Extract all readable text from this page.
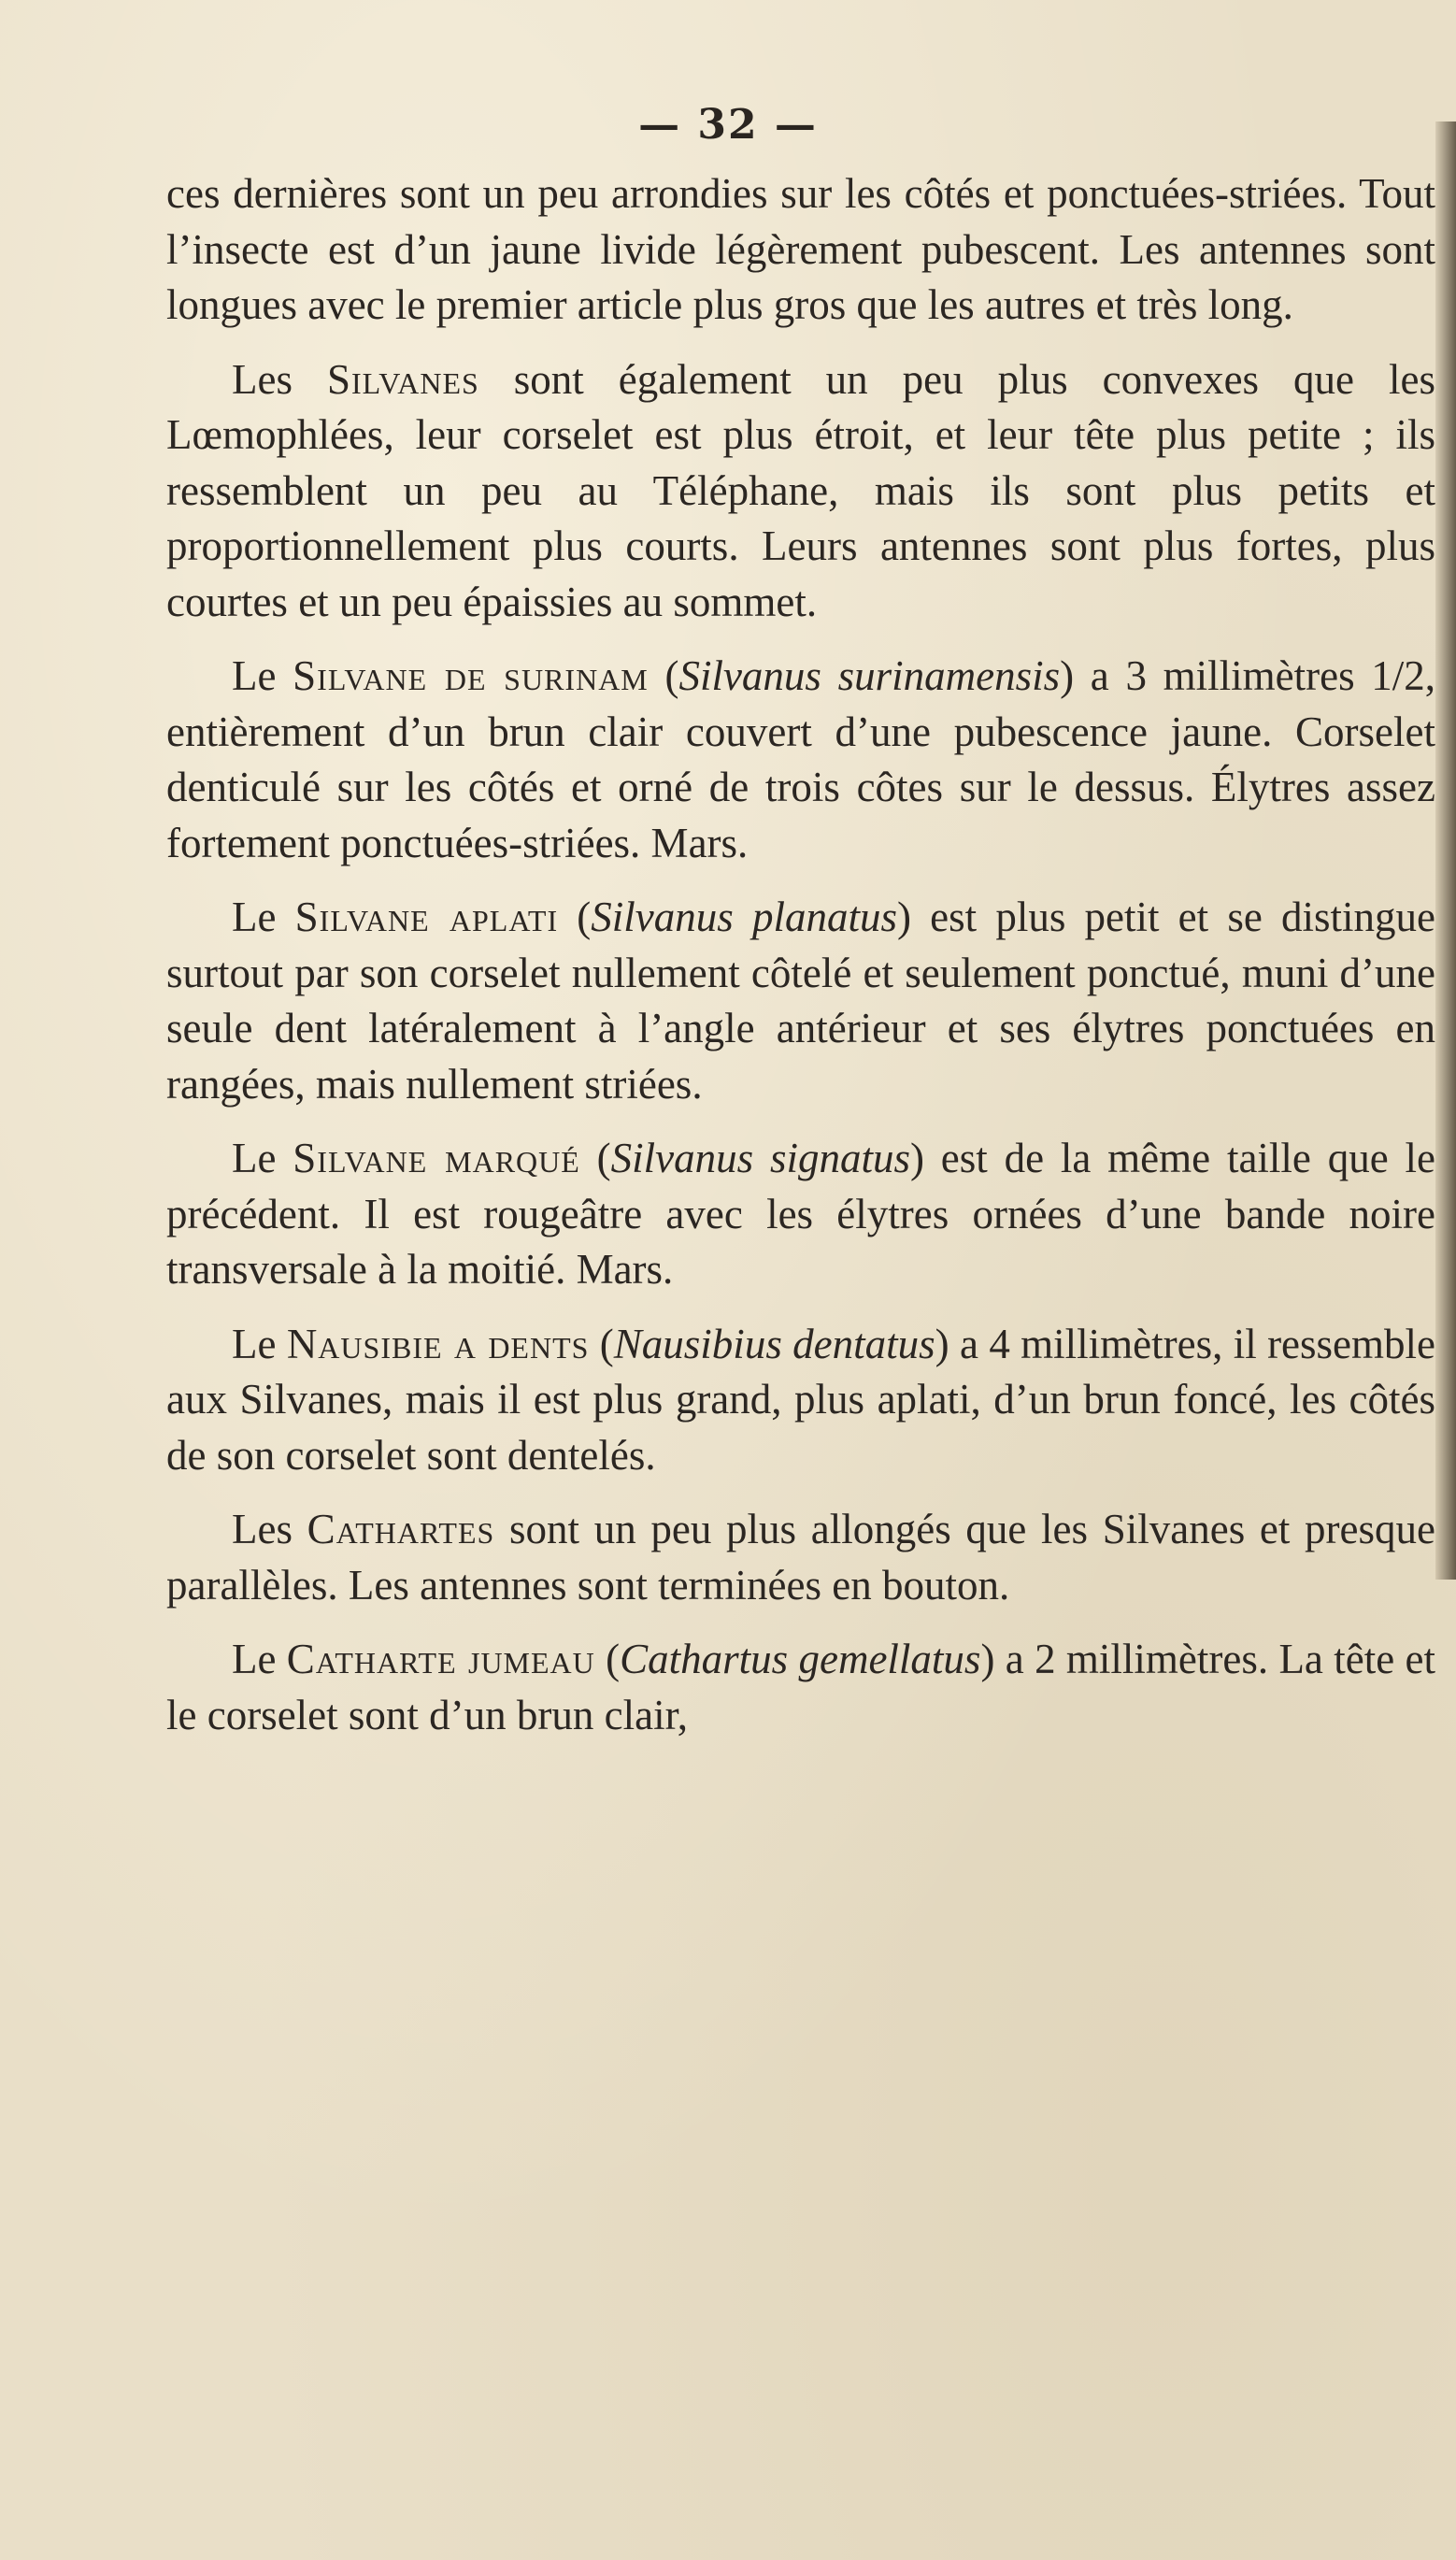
— 32 —

ces dernières sont un peu arrondies sur les côtés et ponctuées-striées. Tout l’insecte est d’un jaune livide légèrement pubescent. Les antennes sont longues avec le premier article plus gros que les autres et très long.

Les Silvanes sont également un peu plus convexes que les Lœmophlées, leur corselet est plus étroit, et leur tête plus petite ; ils ressemblent un peu au Téléphane, mais ils sont plus petits et proportionnellement plus courts. Leurs antennes sont plus fortes, plus courtes et un peu épaissies au sommet.

Le Silvane de surinam (Silvanus surinamensis) a 3 millimètres 1/2, entièrement d’un brun clair couvert d’une pubescence jaune. Corselet denticulé sur les côtés et orné de trois côtes sur le dessus. Élytres assez fortement ponctuées-striées. Mars.

Le Silvane aplati (Silvanus planatus) est plus petit et se distingue surtout par son corselet nullement côtelé et seulement ponctué, muni d’une seule dent latéralement à l’angle antérieur et ses élytres ponctuées en rangées, mais nullement striées.

Le Silvane marqué (Silvanus signatus) est de la même taille que le précédent. Il est rougeâtre avec les élytres ornées d’une bande noire transversale à la moitié. Mars.

Le Nausibie a dents (Nausibius dentatus) a 4 millimètres, il ressemble aux Silvanes, mais il est plus grand, plus aplati, d’un brun foncé, les côtés de son corselet sont dentelés.

Les Cathartes sont un peu plus allongés que les Silvanes et presque parallèles. Les antennes sont terminées en bouton.

Le Catharte jumeau (Cathartus gemellatus) a 2 millimètres. La tête et le corselet sont d’un brun clair,
